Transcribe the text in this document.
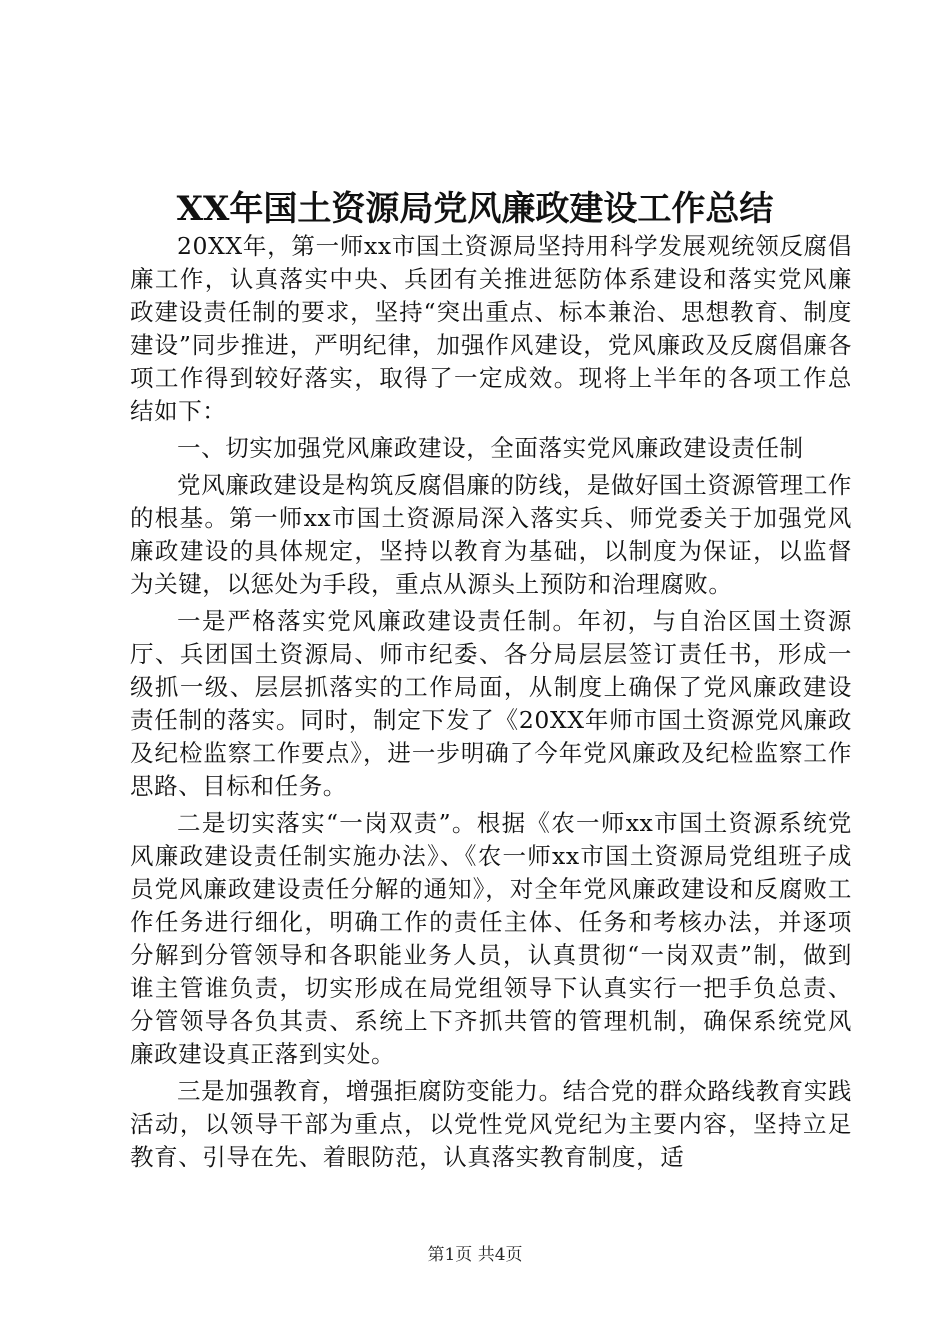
XX年国土资源局党风廉政建设工作总结

20XX年，第一师xx市国土资源局坚持用科学发展观统领反腐倡廉工作，认真落实中央、兵团有关推进惩防体系建设和落实党风廉政建设责任制的要求，坚持“突出重点、标本兼治、思想教育、制度建设”同步推进，严明纪律，加强作风建设，党风廉政及反腐倡廉各项工作得到较好落实，取得了一定成效。现将上半年的各项工作总结如下：

一、切实加强党风廉政建设，全面落实党风廉政建设责任制

党风廉政建设是构筑反腐倡廉的防线，是做好国土资源管理工作的根基。第一师xx市国土资源局深入落实兵、师党委关于加强党风廉政建设的具体规定，坚持以教育为基础，以制度为保证，以监督为关键，以惩处为手段，重点从源头上预防和治理腐败。

一是严格落实党风廉政建设责任制。年初，与自治区国土资源厅、兵团国土资源局、师市纪委、各分局层层签订责任书，形成一级抓一级、层层抓落实的工作局面，从制度上确保了党风廉政建设责任制的落实。同时，制定下发了《20XX年师市国土资源党风廉政及纪检监察工作要点》，进一步明确了今年党风廉政及纪检监察工作思路、目标和任务。

二是切实落实“一岗双责”。根据《农一师xx市国土资源系统党风廉政建设责任制实施办法》、《农一师xx市国土资源局党组班子成员党风廉政建设责任分解的通知》，对全年党风廉政建设和反腐败工作任务进行细化，明确工作的责任主体、任务和考核办法，并逐项分解到分管领导和各职能业务人员，认真贯彻“一岗双责”制，做到谁主管谁负责，切实形成在局党组领导下认真实行一把手负总责、分管领导各负其责、系统上下齐抓共管的管理机制，确保系统党风廉政建设真正落到实处。

三是加强教育，增强拒腐防变能力。结合党的群众路线教育实践活动，以领导干部为重点，以党性党风党纪为主要内容，坚持立足教育、引导在先、着眼防范，认真落实教育制度，适

第1页 共4页
